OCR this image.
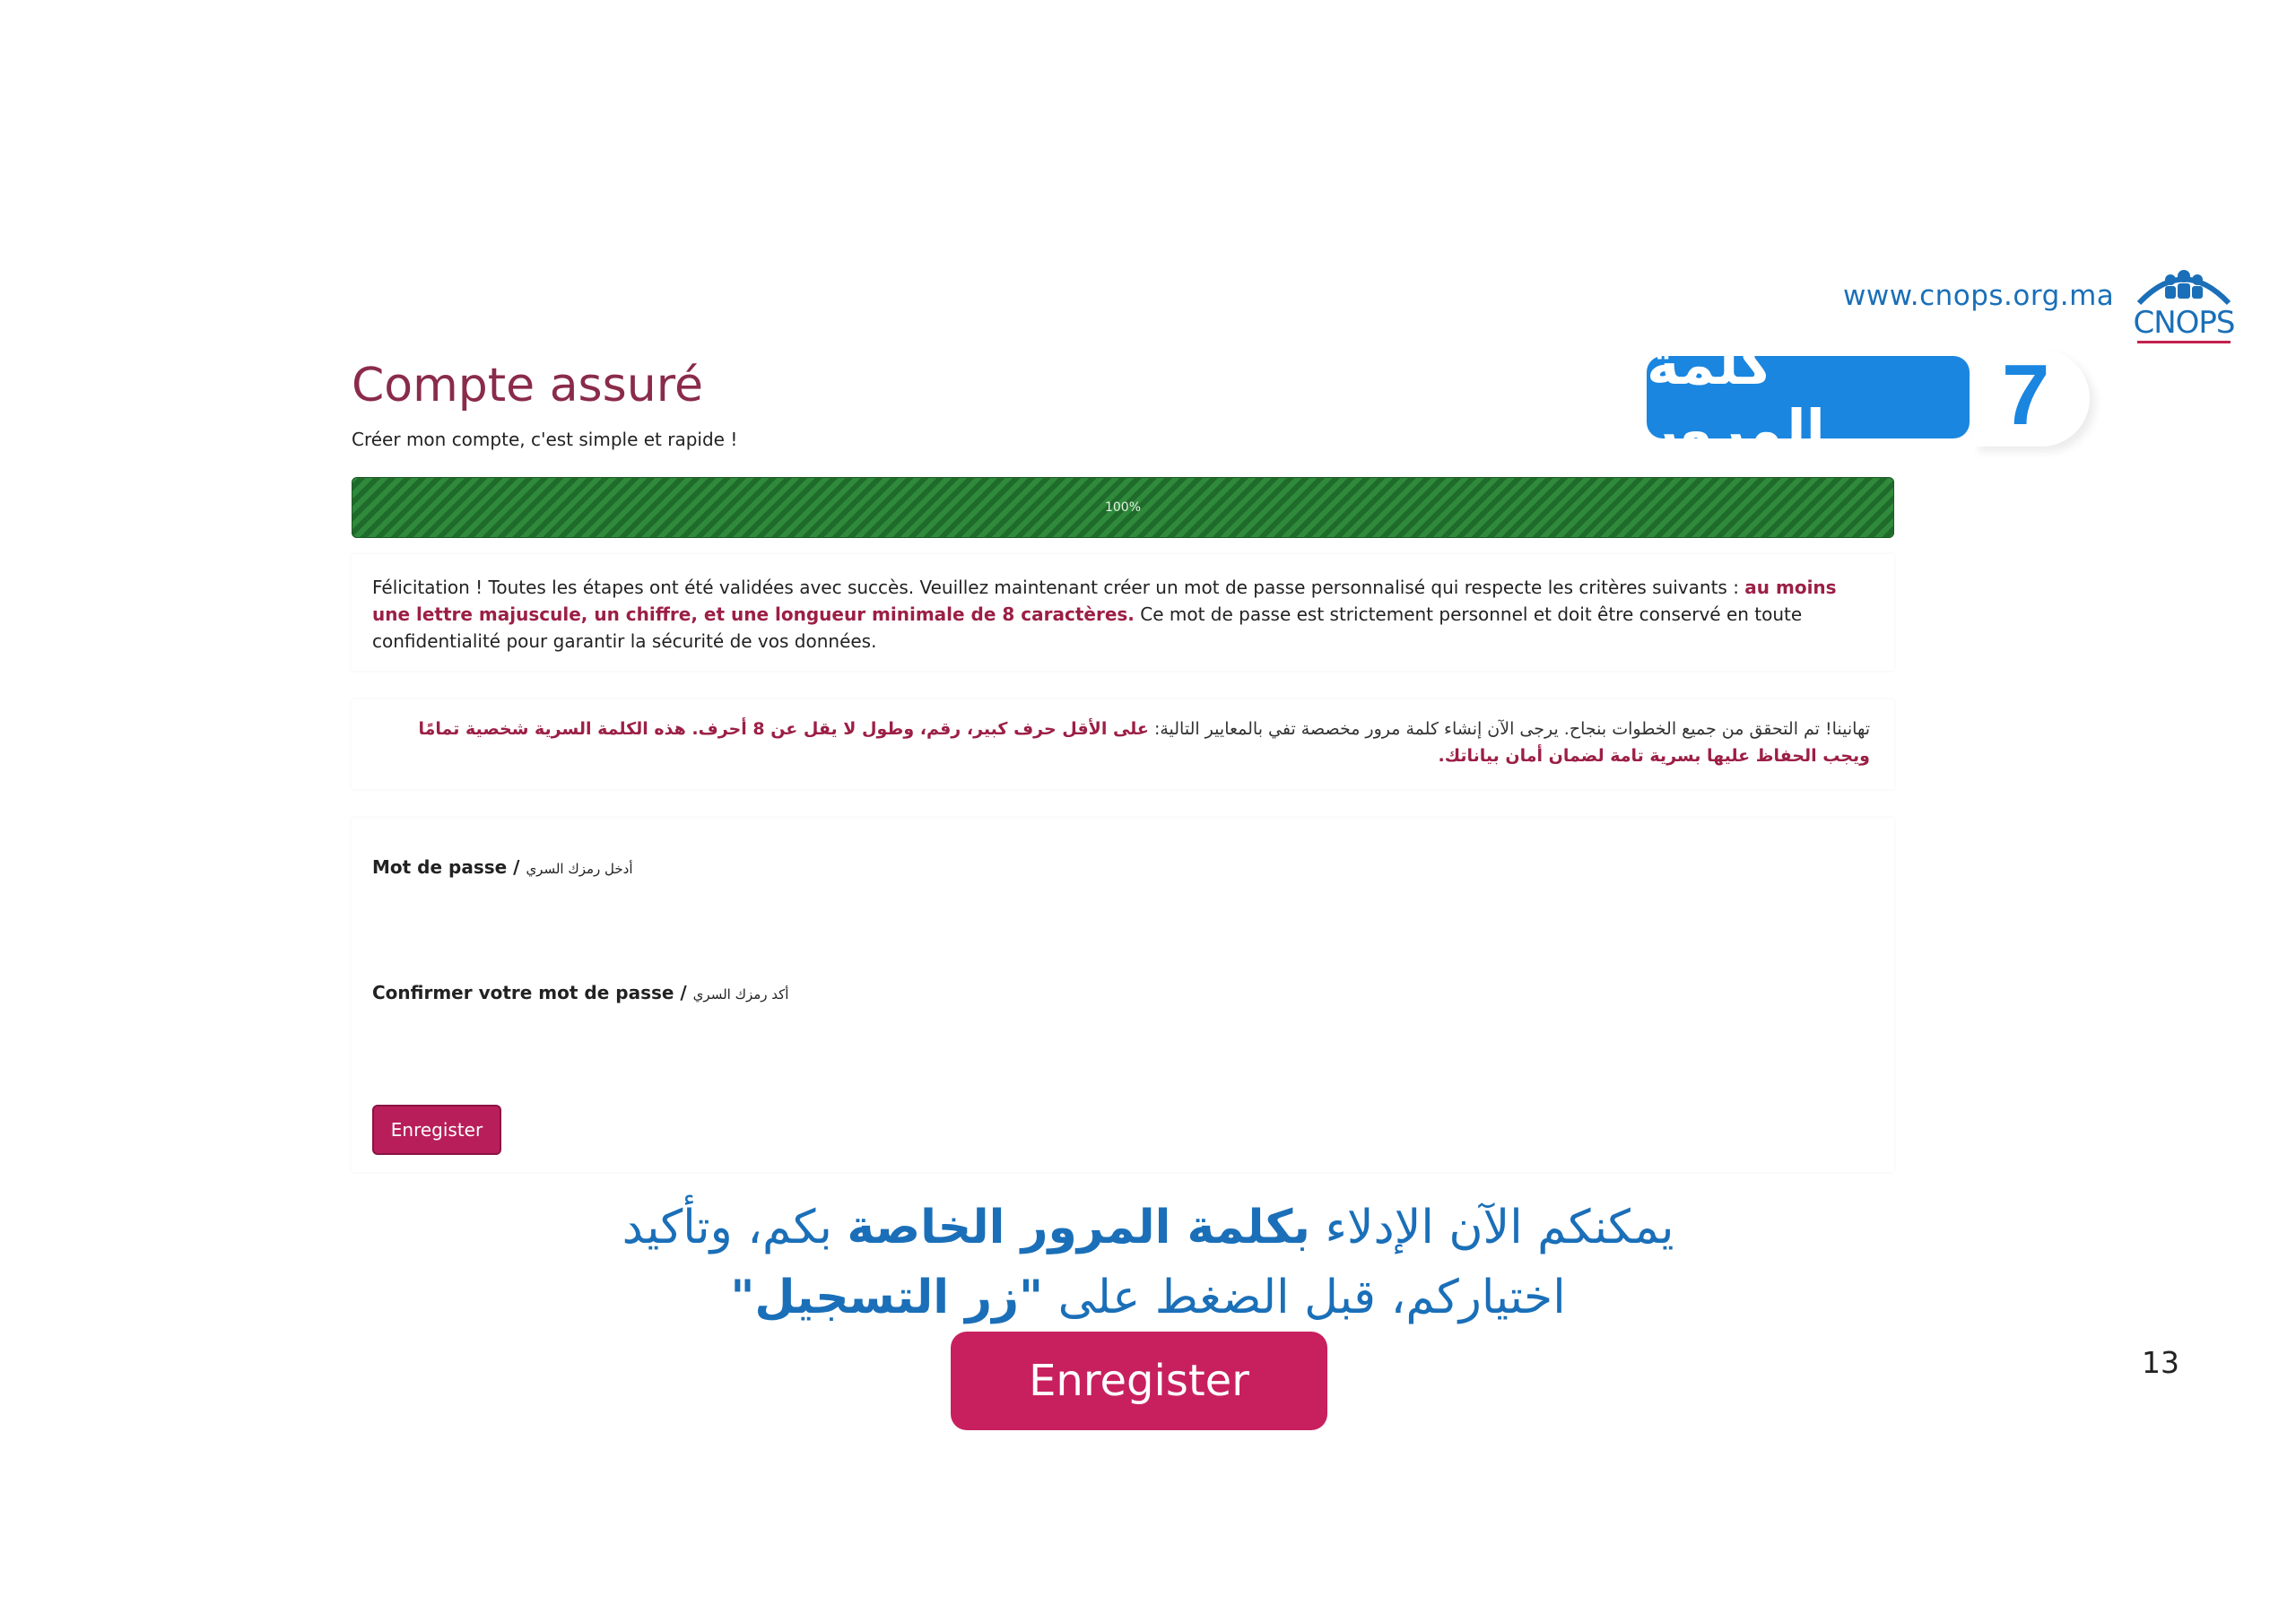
www.cnops.org.ma
CNOPS
7
كلمة المرور
Compte assuré
Créer mon compte, c'est simple et rapide !
100%
Félicitation ! Toutes les étapes ont été validées avec succès. Veuillez maintenant créer un mot de passe personnalisé qui respecte les critères suivants : au moins une lettre majuscule, un chiffre, et une longueur minimale de 8 caractères. Ce mot de passe est strictement personnel et doit être conservé en toute confidentialité pour garantir la sécurité de vos données.
تهانينا! تم التحقق من جميع الخطوات بنجاح. يرجى الآن إنشاء كلمة مرور مخصصة تفي بالمعايير التالية: على الأقل حرف كبير، رقم، وطول لا يقل عن 8 أحرف. هذه الكلمة السرية شخصية تمامًا ويجب الحفاظ عليها بسرية تامة لضمان أمان بياناتك.
Mot de passe / أدخل رمزك السري
Confirmer votre mot de passe / أكد رمزك السري
Enregister
يمكنكم الآن الإدلاء بكلمة المرور الخاصة بكم، وتأكيد
اختياركم، قبل الضغط على "زر التسجيل"
Enregister	13
